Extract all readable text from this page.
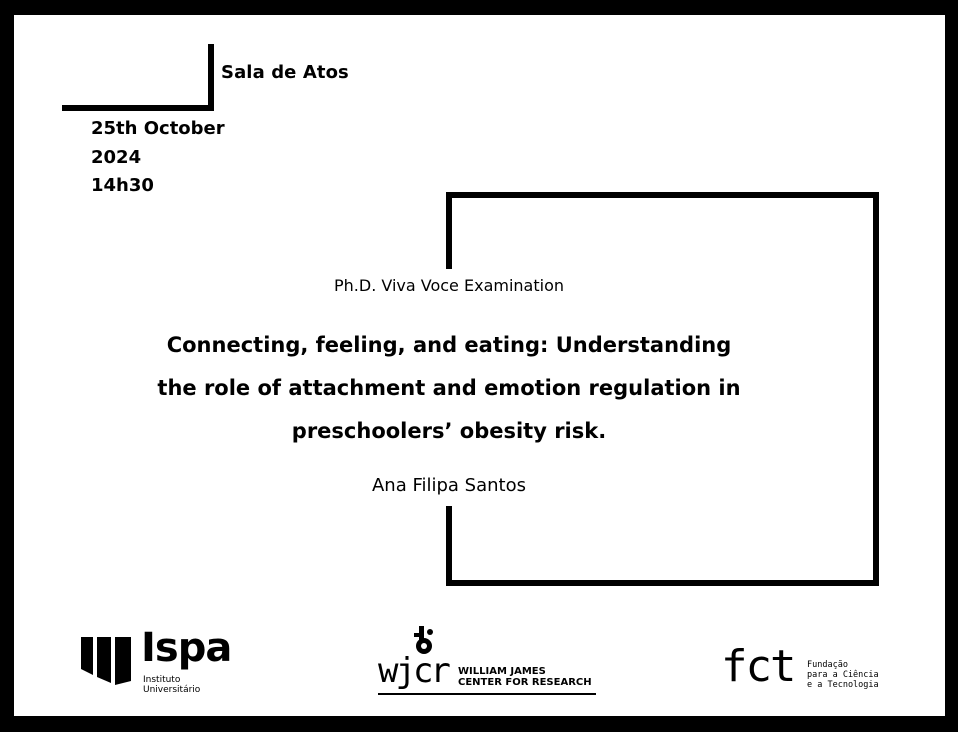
Sala de Atos
25th October
2024
14h30
Ph.D. Viva Voce Examination
Connecting, feeling, and eating: Understanding
the role of attachment and emotion regulation in
preschoolers’ obesity risk.
Ana Filipa Santos
Ispa
Instituto
Universitário	wjcr WILLIAM JAMES
CENTER FOR RESEARCH	fct Fundação
para a Ciência
e a Tecnologia
